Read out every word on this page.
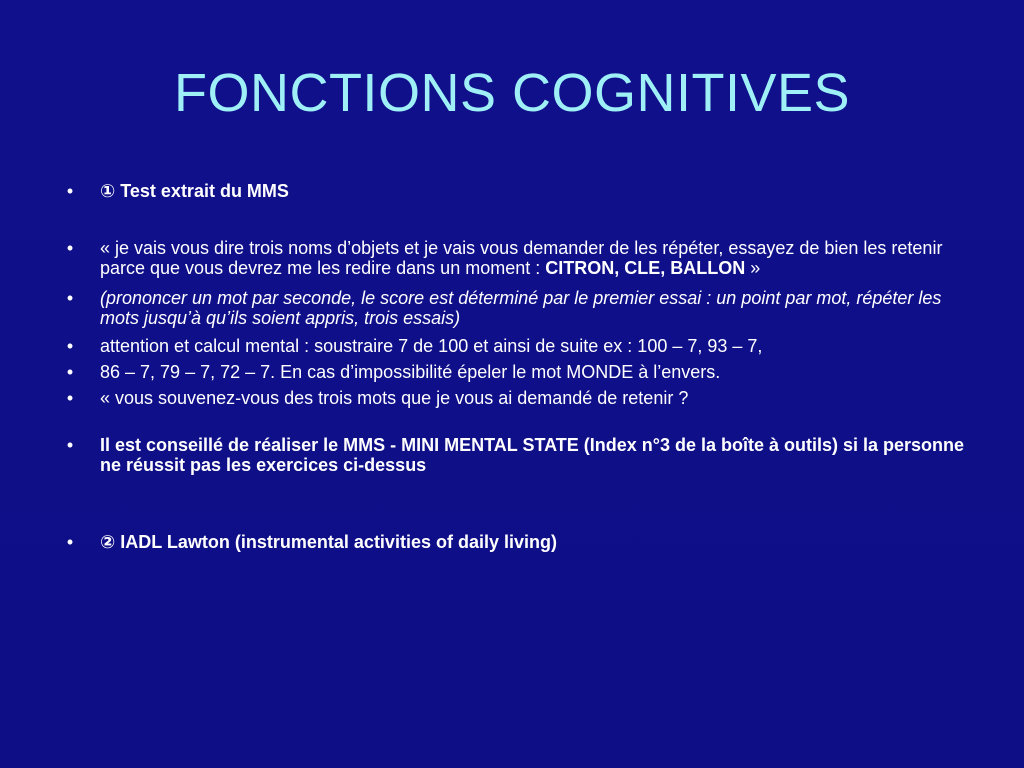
FONCTIONS COGNITIVES
•	① Test extrait du MMS
•	« je vais vous dire trois noms d’objets et je vais vous demander de les répéter, essayez de bien les retenir parce que vous devrez me les redire dans un moment : CITRON, CLE, BALLON »
•	(prononcer un mot par seconde, le score est déterminé par le premier essai : un point par mot, répéter les mots jusqu’à qu’ils soient appris, trois essais)
•	attention et calcul mental : soustraire 7 de 100 et ainsi de suite ex : 100 – 7, 93 – 7,
•	86 – 7, 79 – 7, 72 – 7. En cas d’impossibilité épeler le mot MONDE à l’envers.
•	« vous souvenez-vous des trois mots que je vous ai demandé de retenir ?
•	Il est conseillé de réaliser le MMS - MINI MENTAL STATE (Index n°3 de la boîte à outils) si la personne ne réussit pas les exercices ci-dessus
•	② IADL Lawton (instrumental activities of daily living)
